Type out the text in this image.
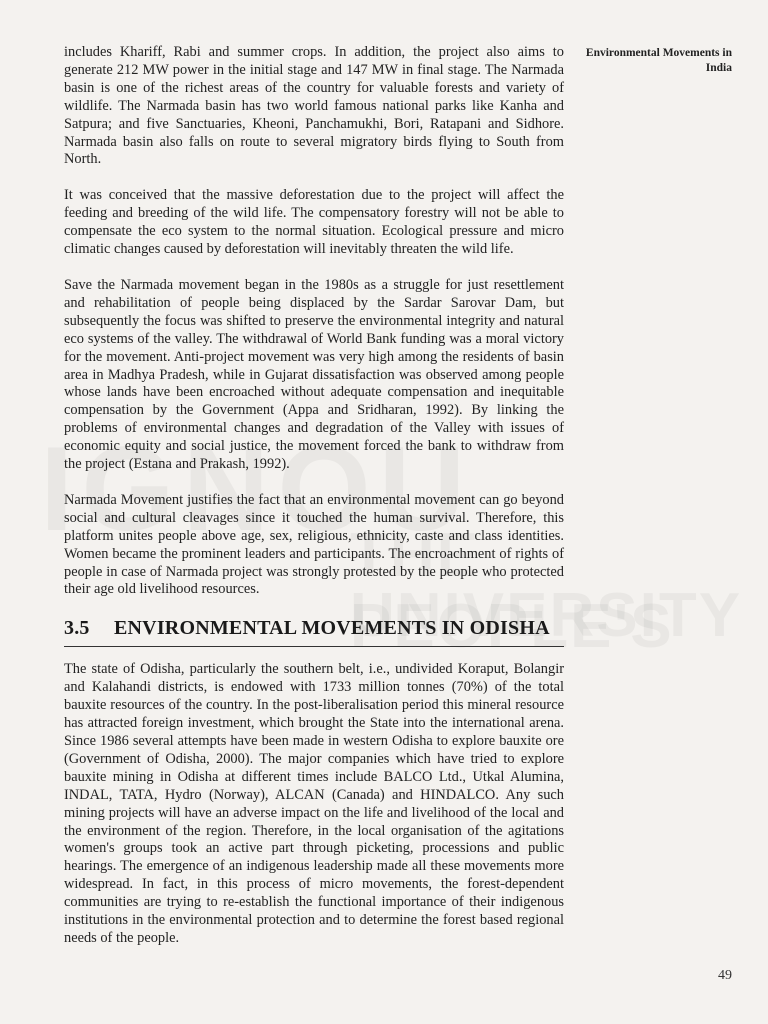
Environmental Movements in India

includes Khariff, Rabi and summer crops. In addition, the project also aims to generate 212 MW power in the initial stage and 147 MW in final stage. The Narmada basin is one of the richest areas of the country for valuable forests and variety of wildlife. The Narmada basin has two world famous national parks like Kanha and Satpura; and five Sanctuaries, Kheoni, Panchamukhi, Bori, Ratapani and Sidhore. Narmada basin also falls on route to several migratory birds flying to South from North.

It was conceived that the massive deforestation due to the project will affect the feeding and breeding of the wild life. The compensatory forestry will not be able to compensate the eco system to the normal situation. Ecological pressure and micro climatic changes caused by deforestation will inevitably threaten the wild life.

Save the Narmada movement began in the 1980s as a struggle for just resettlement and rehabilitation of people being displaced by the Sardar Sarovar Dam, but subsequently the focus was shifted to preserve the environmental integrity and natural eco systems of the valley. The withdrawal of World Bank funding was a moral victory for the movement. Anti-project movement was very high among the residents of basin area in Madhya Pradesh, while in Gujarat dissatisfaction was observed among people whose lands have been encroached without adequate compensation and inequitable compensation by the Government (Appa and Sridharan, 1992). By linking the problems of environmental changes and degradation of the Valley with issues of economic equity and social justice, the movement forced the bank to withdraw from the project (Estana and Prakash, 1992).

Narmada Movement justifies the fact that an environmental movement can go beyond social and cultural cleavages since it touched the human survival. Therefore, this platform unites people above age, sex, religious, ethnicity, caste and class identities. Women became the prominent leaders and participants. The encroachment of rights of people in case of Narmada project was strongly protested by the people who protected their age old livelihood resources.

3.5 ENVIRONMENTAL MOVEMENTS IN ODISHA

The state of Odisha, particularly the southern belt, i.e., undivided Koraput, Bolangir and Kalahandi districts, is endowed with 1733 million tonnes (70%) of the total bauxite resources of the country. In the post-liberalisation period this mineral resource has attracted foreign investment, which brought the State into the international arena. Since 1986 several attempts have been made in western Odisha to explore bauxite ore (Government of Odisha, 2000). The major companies which have tried to explore bauxite mining in Odisha at different times include BALCO Ltd., Utkal Alumina, INDAL, TATA, Hydro (Norway), ALCAN (Canada) and HINDALCO. Any such mining projects will have an adverse impact on the life and livelihood of the local and the environment of the region. Therefore, in the local organisation of the agitations women's groups took an active part through picketing, processions and public hearings. The emergence of an indigenous leadership made all these movements more widespread. In fact, in this process of micro movements, the forest-dependent communities are trying to re-establish the functional importance of their indigenous institutions in the environmental protection and to determine the forest based regional needs of the people.

49
